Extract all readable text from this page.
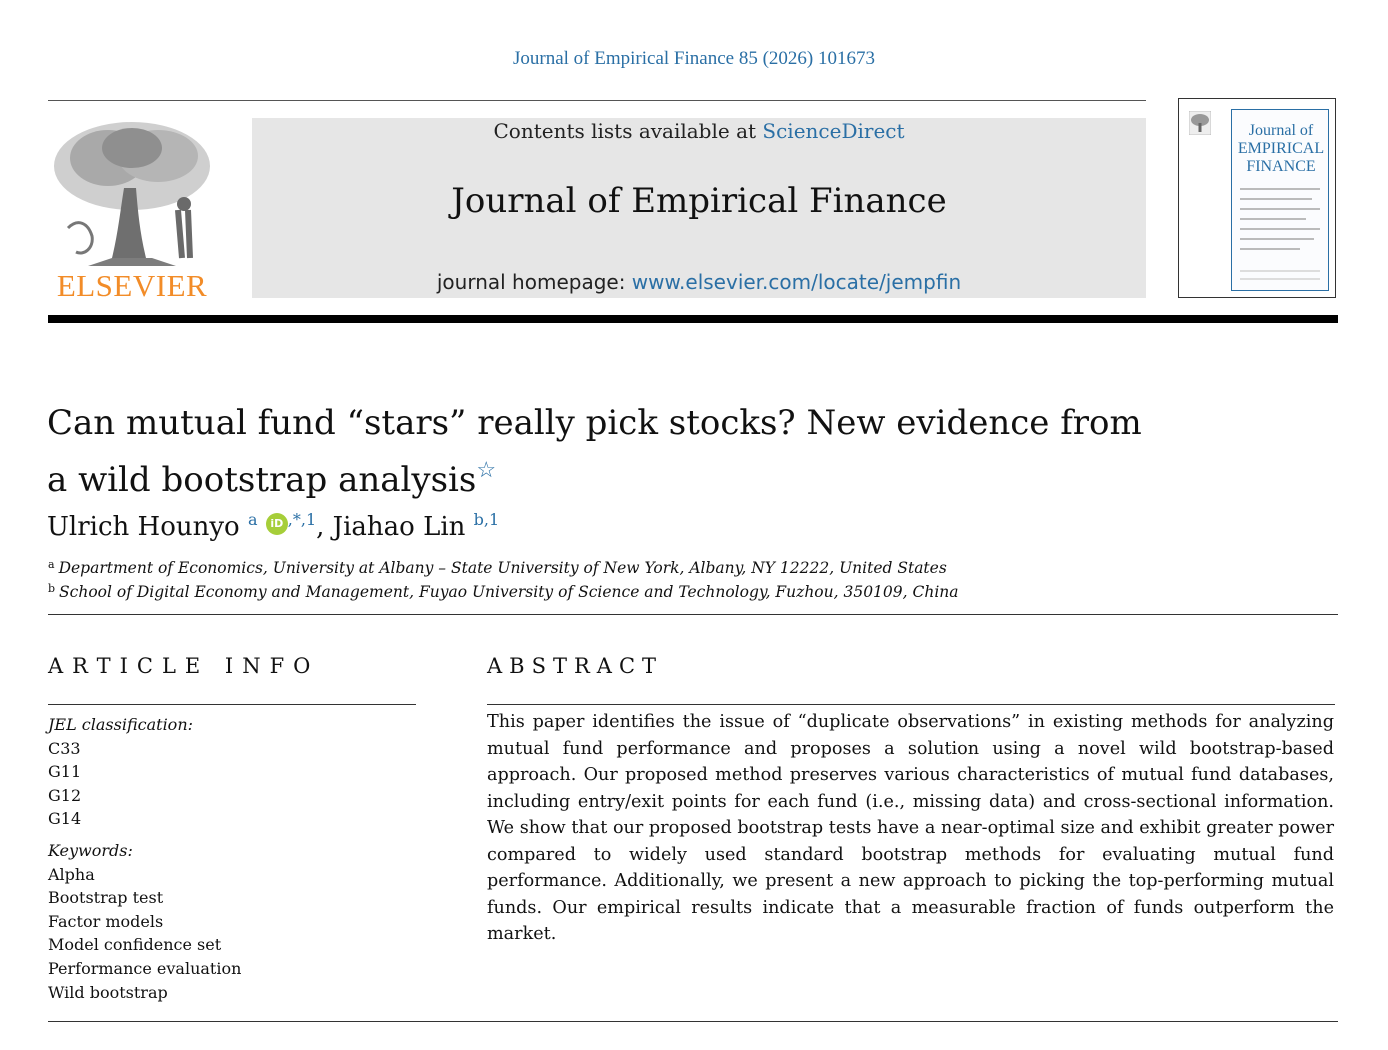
Journal of Empirical Finance 85 (2026) 101673
ELSEVIER
Contents lists available at ScienceDirect
Journal of Empirical Finance
journal homepage: www.elsevier.com/locate/jempfin
Journal of EMPIRICAL FINANCE
Can mutual fund “stars” really pick stocks? New evidence from a wild bootstrap analysis☆
Ulrich Hounyo $^a$ iD $^{,*,1}$, Jiahao Lin $^{b,1}$
$^a$ Department of Economics, University at Albany – State University of New York, Albany, NY 12222, United States
$^b$ School of Digital Economy and Management, Fuyao University of Science and Technology, Fuzhou, 350109, China
ARTICLE INFO
JEL classification:
C33
G11
G12
G14
Keywords:
Alpha
Bootstrap test
Factor models
Model confidence set
Performance evaluation
Wild bootstrap
ABSTRACT
This paper identifies the issue of “duplicate observations” in existing methods for analyzing mutual fund performance and proposes a solution using a novel wild bootstrap-based approach. Our proposed method preserves various characteristics of mutual fund databases, including entry/exit points for each fund (i.e., missing data) and cross-sectional information. We show that our proposed bootstrap tests have a near-optimal size and exhibit greater power compared to widely used standard bootstrap methods for evaluating mutual fund performance. Additionally, we present a new approach to picking the top-performing mutual funds. Our empirical results indicate that a measurable fraction of funds outperform the market.
